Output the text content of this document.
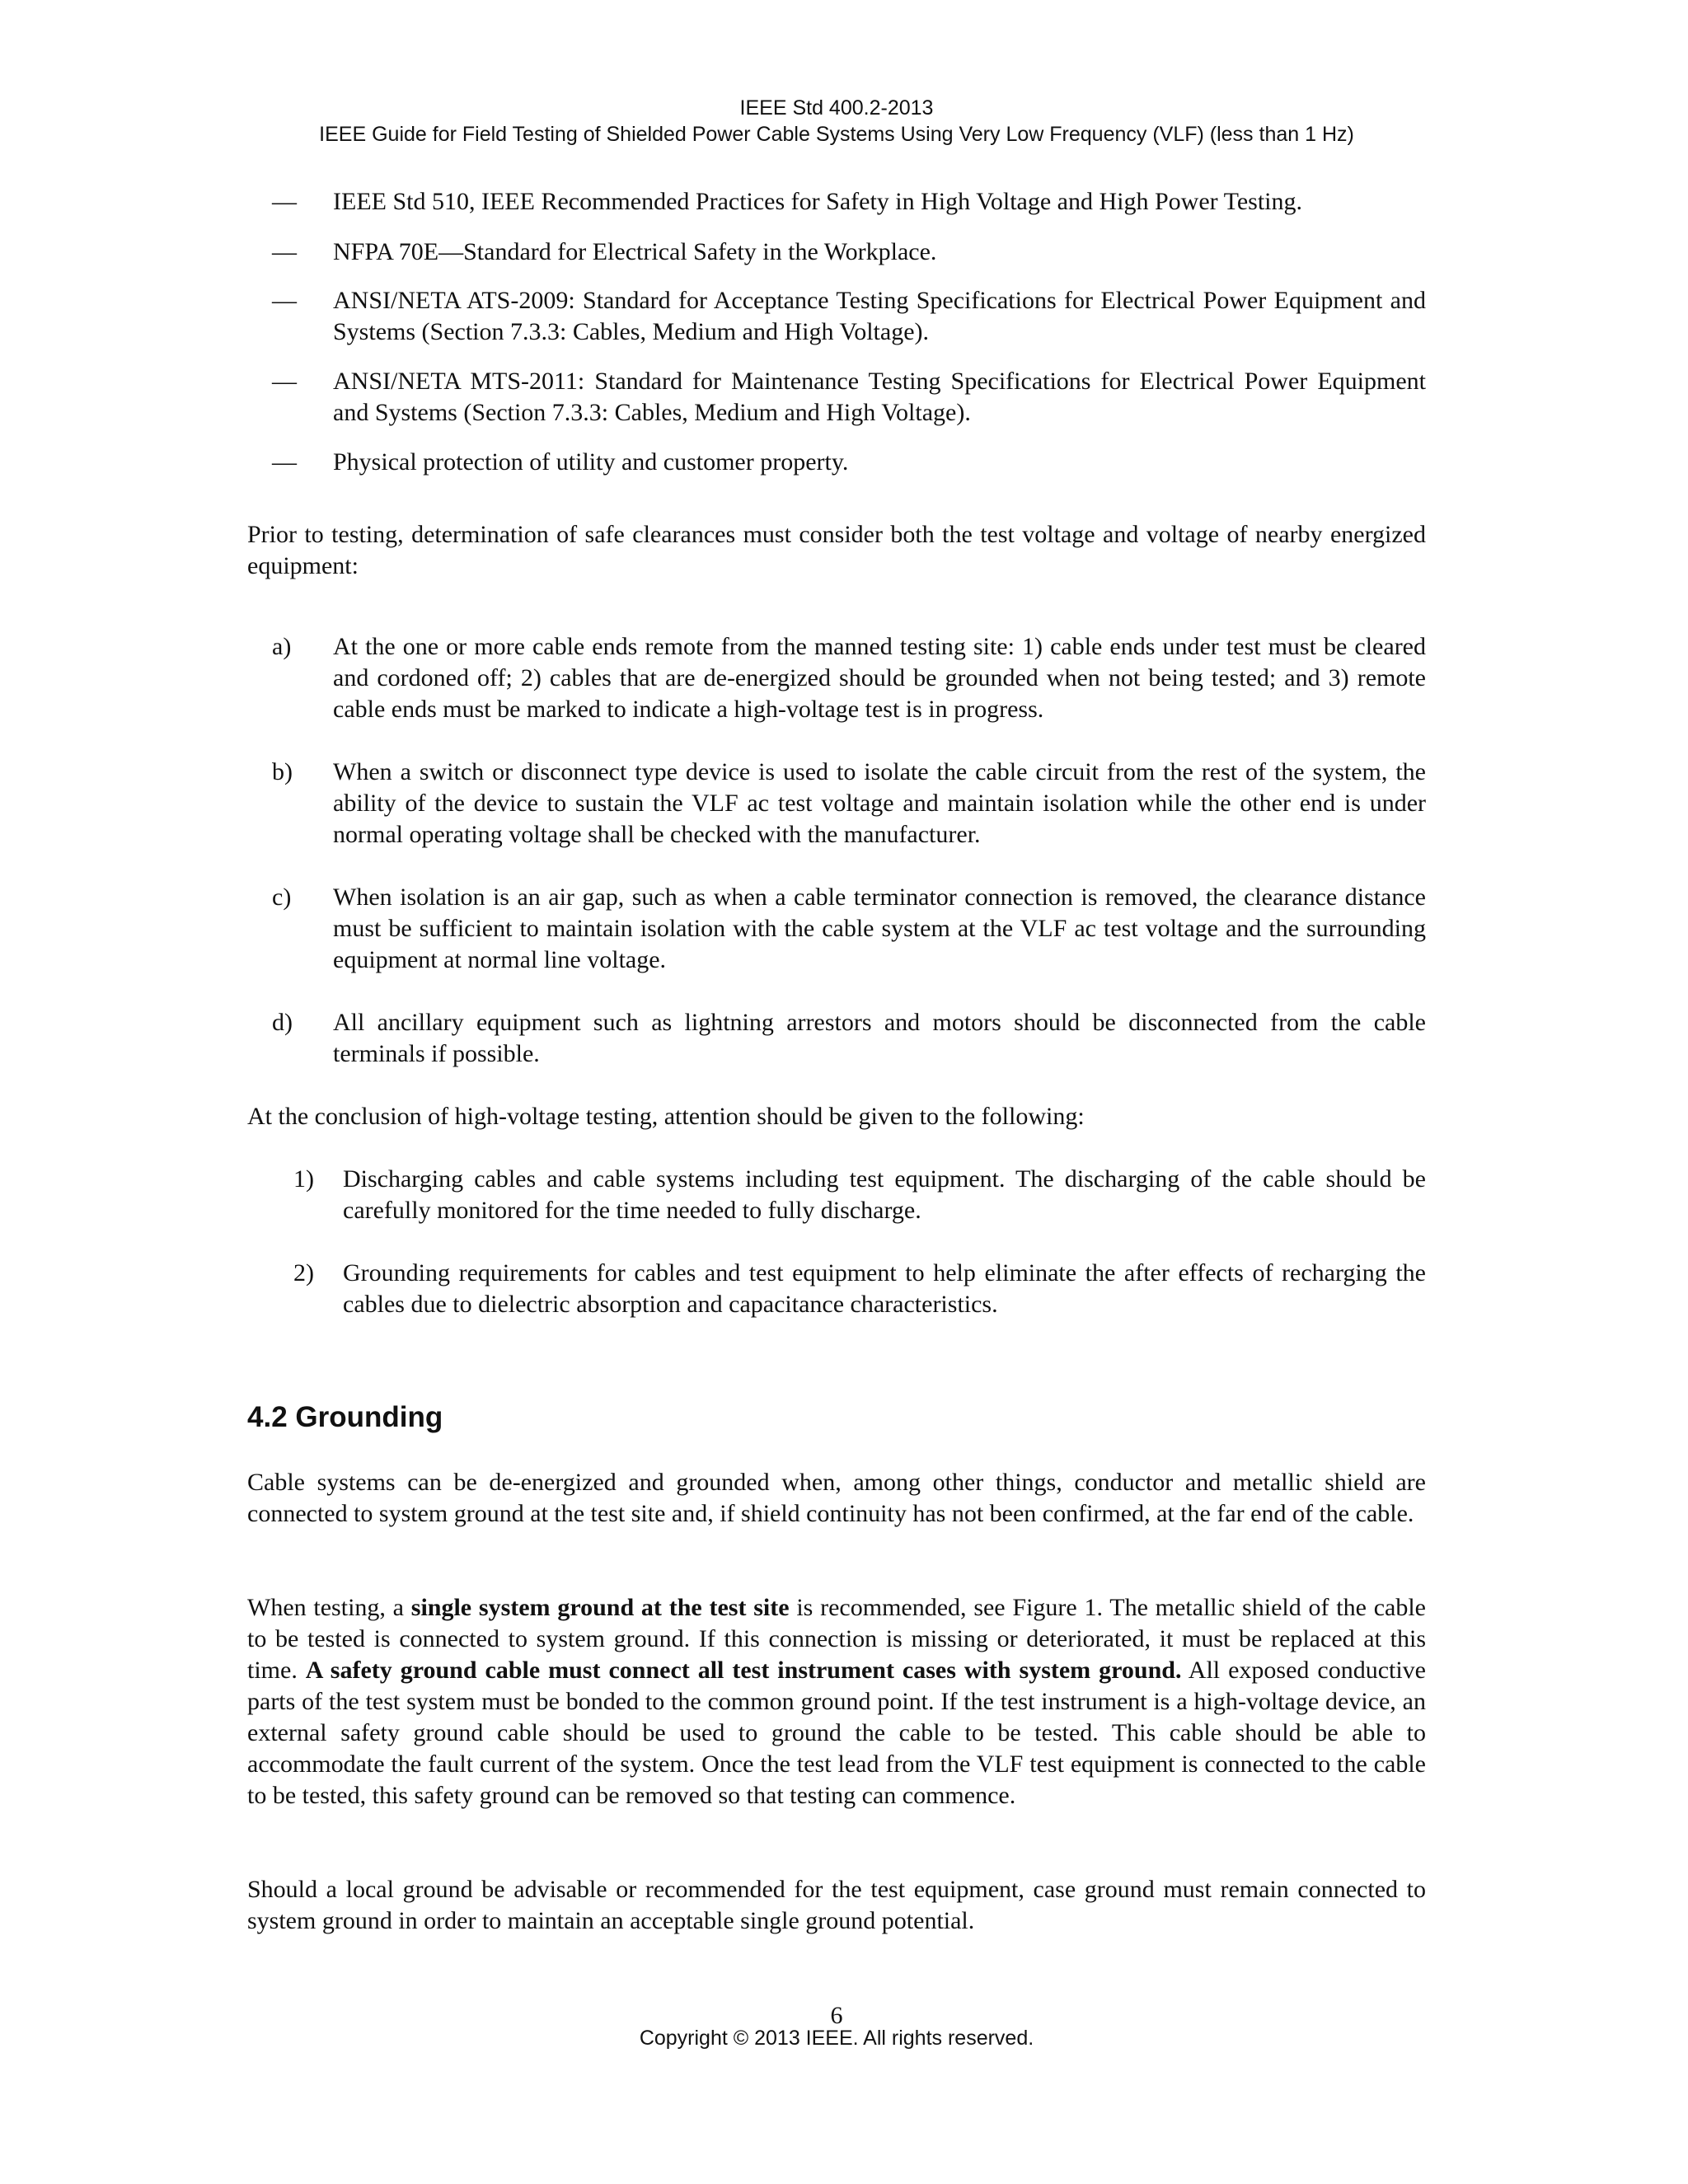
IEEE Std 400.2-2013
IEEE Guide for Field Testing of Shielded Power Cable Systems Using Very Low Frequency (VLF) (less than 1 Hz)
— IEEE Std 510, IEEE Recommended Practices for Safety in High Voltage and High Power Testing.
— NFPA 70E—Standard for Electrical Safety in the Workplace.
— ANSI/NETA ATS-2009: Standard for Acceptance Testing Specifications for Electrical Power Equipment and Systems (Section 7.3.3: Cables, Medium and High Voltage).
— ANSI/NETA MTS-2011: Standard for Maintenance Testing Specifications for Electrical Power Equipment and Systems (Section 7.3.3: Cables, Medium and High Voltage).
— Physical protection of utility and customer property.

Prior to testing, determination of safe clearances must consider both the test voltage and voltage of nearby energized equipment:

a) At the one or more cable ends remote from the manned testing site: 1) cable ends under test must be cleared and cordoned off; 2) cables that are de-energized should be grounded when not being tested; and 3) remote cable ends must be marked to indicate a high-voltage test is in progress.
b) When a switch or disconnect type device is used to isolate the cable circuit from the rest of the system, the ability of the device to sustain the VLF ac test voltage and maintain isolation while the other end is under normal operating voltage shall be checked with the manufacturer.
c) When isolation is an air gap, such as when a cable terminator connection is removed, the clearance distance must be sufficient to maintain isolation with the cable system at the VLF ac test voltage and the surrounding equipment at normal line voltage.
d) All ancillary equipment such as lightning arrestors and motors should be disconnected from the cable terminals if possible.

At the conclusion of high-voltage testing, attention should be given to the following:

1) Discharging cables and cable systems including test equipment. The discharging of the cable should be carefully monitored for the time needed to fully discharge.
2) Grounding requirements for cables and test equipment to help eliminate the after effects of recharging the cables due to dielectric absorption and capacitance characteristics.
4.2 Grounding

Cable systems can be de-energized and grounded when, among other things, conductor and metallic shield are connected to system ground at the test site and, if shield continuity has not been confirmed, at the far end of the cable.

When testing, a single system ground at the test site is recommended, see Figure 1. The metallic shield of the cable to be tested is connected to system ground. If this connection is missing or deteriorated, it must be replaced at this time. A safety ground cable must connect all test instrument cases with system ground. All exposed conductive parts of the test system must be bonded to the common ground point. If the test instrument is a high-voltage device, an external safety ground cable should be used to ground the cable to be tested. This cable should be able to accommodate the fault current of the system. Once the test lead from the VLF test equipment is connected to the cable to be tested, this safety ground can be removed so that testing can commence.

Should a local ground be advisable or recommended for the test equipment, case ground must remain connected to system ground in order to maintain an acceptable single ground potential.

6
Copyright © 2013 IEEE. All rights reserved.
